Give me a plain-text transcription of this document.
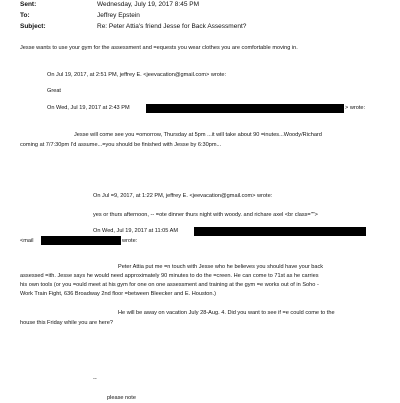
Sent:	Wednesday, July 19, 2017 8:45 PM
To:	Jeffrey Epstein
Subject:	Re: Peter Attia's friend Jesse for Back Assessment?
Jesse wants to use your gym for the assessment and =equests you wear clothes you are comfortable moving in.
On Jul 19, 2017, at 2:51 PM, jeffrey E. <jeevacation@gmail.com> wrote:
Great
On Wed, Jul 19, 2017 at 2:43 PM	> wrote:
Jesse will come see you =omorrow, Thursday at 5pm ...it will take about 90 =inutes...Woody/Richard
coming at 7/7:30pm I'd assume...=you should be finished with Jesse by 6:30pm...
On Jul =9, 2017, at 1:22 PM, jeffrey E. <jeevacation@gmail.com> wrote:
yes or thurs afternoon, -- =ote dinner thurs night with woody. and richare axel <br class="">
On Wed, Jul 19, 2017 at 11:05 AM
<mail	wrote:
Peter Attia put me =n touch with Jesse who he believes you should have your back
assessed =ith. Jesse says he would need approximately 90 minutes to do the =creen. He can come to 71st as he carries
his own tools (or you =ould meet at his gym for one on one assessment and training at the gym =e works out of in Soho -
Work Train Fight, 636 Broadway 2nd floor =between Bleecker and E. Houston.)
He will be away on vacation July 28-Aug. 4. Did you want to see if =e could come to the
house this Friday while you are here?
--
please note
